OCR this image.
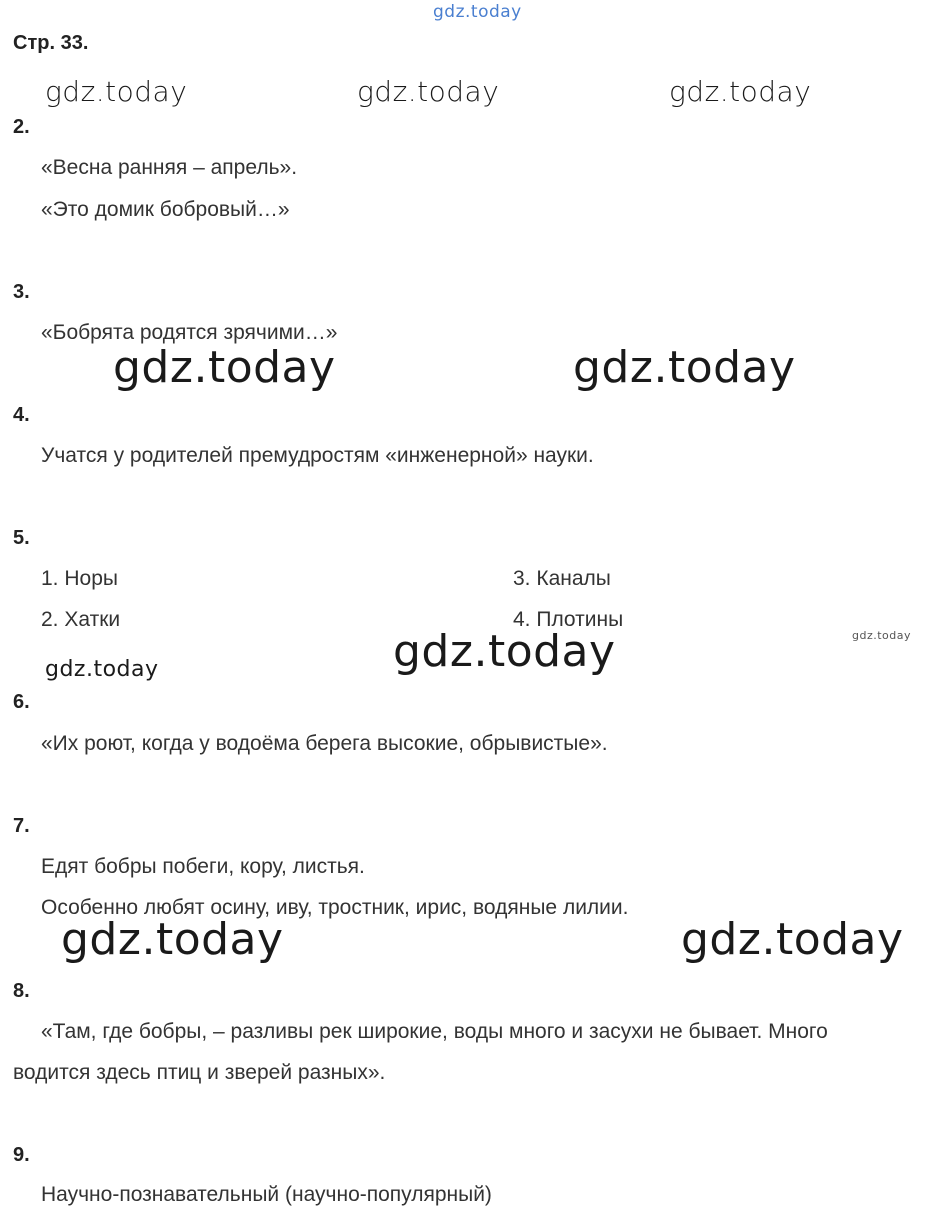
gdz.today
Стр. 33.
gdz.today	gdz.today	gdz.today
2.
«Весна ранняя – апрель».
«Это домик бобровый…»
3.
«Бобрята родятся зрячими…»
gdz.today	gdz.today
4.
Учатся у родителей премудростям «инженерной» науки.
5.
1. Норы
2. Хатки
3. Каналы
4. Плотины
gdz.today
gdz.today
gdz.today
6.
«Их роют, когда у водоёма берега высокие, обрывистые».
7.
Едят бобры побеги, кору, листья.
Особенно любят осину, иву, тростник, ирис, водяные лилии.
gdz.today	gdz.today
8.
«Там, где бобры, – разливы рек широкие, воды много и засухи не бывает. Много
водится здесь птиц и зверей разных».
9.
Научно-познавательный (научно-популярный)
